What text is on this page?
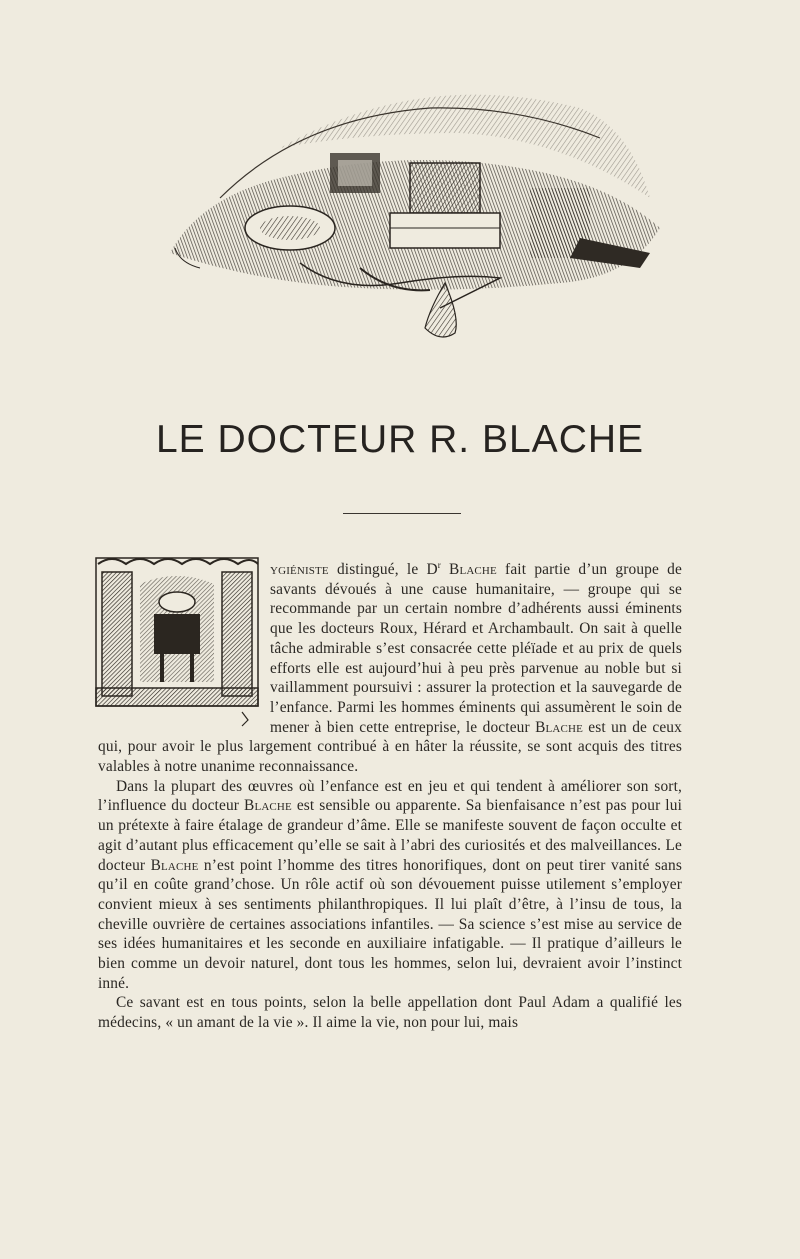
LE DOCTEUR R. BLACHE

ygiéniste distingué, le $D^r$ Blache fait partie d’un groupe de savants dévoués à une cause humanitaire, — groupe qui se recommande par un certain nombre d’adhérents aussi éminents que les docteurs Roux, Hérard et Archambault. On sait à quelle tâche admirable s’est consacrée cette pléïade et au prix de quels efforts elle est aujourd’hui à peu près parvenue au noble but si vaillamment poursuivi : assurer la protection et la sauvegarde de l’enfance. Parmi les hommes éminents qui assumèrent le soin de mener à bien cette entreprise, le docteur Blache est un de ceux qui, pour avoir le plus largement contribué à en hâter la réussite, se sont acquis des titres valables à notre unanime reconnaissance.

Dans la plupart des œuvres où l’enfance est en jeu et qui tendent à améliorer son sort, l’influence du docteur Blache est sensible ou apparente. Sa bienfaisance n’est pas pour lui un prétexte à faire étalage de grandeur d’âme. Elle se manifeste souvent de façon occulte et agit d’autant plus efficacement qu’elle se sait à l’abri des curiosités et des malveillances. Le docteur Blache n’est point l’homme des titres honorifiques, dont on peut tirer vanité sans qu’il en coûte grand’chose. Un rôle actif où son dévouement puisse utilement s’employer convient mieux à ses sentiments philanthropiques. Il lui plaît d’être, à l’insu de tous, la cheville ouvrière de certaines associations infantiles. — Sa science s’est mise au service de ses idées humanitaires et les seconde en auxiliaire infatigable. — Il pratique d’ailleurs le bien comme un devoir naturel, dont tous les hommes, selon lui, devraient avoir l’instinct inné.

Ce savant est en tous points, selon la belle appellation dont Paul Adam a qualifié les médecins, « un amant de la vie ». Il aime la vie, non pour lui, mais
